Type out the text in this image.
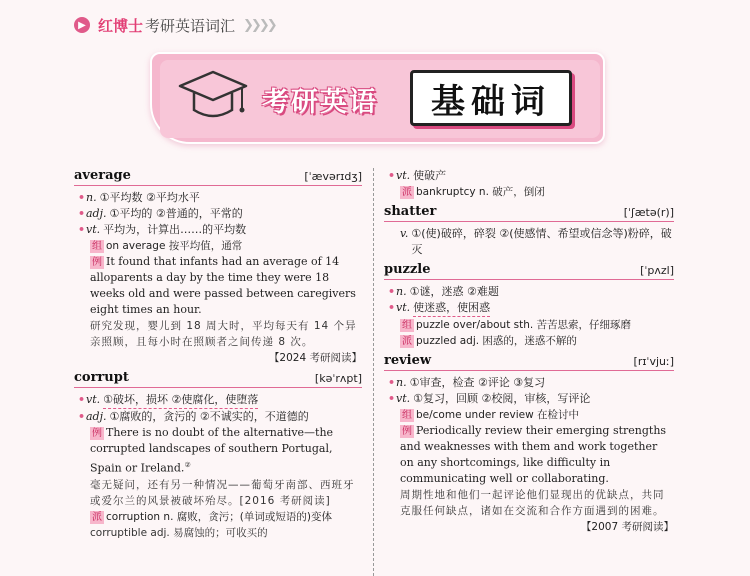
▶ 红博士 考研英语词汇 ❯❯❯❯
考研英语	基础词
average	[ˈævərɪdʒ]
• n. ①平均数 ②平均水平
• adj. ①平均的 ②普通的，平常的
• vt. 平均为，计算出……的平均数
组 on average 按平均值，通常
例 It found that infants had an average of 14 alloparents a day by the time they were 18 weeks old and were passed between caregivers eight times an hour.
研究发现，婴儿到 18 周大时，平均每天有 14 个异亲照顾，且每小时在照顾者之间传递 8 次。
【2024 考研阅读】
corrupt	[kəˈrʌpt]
• vt. ①破坏，损坏 ②使腐化，使堕落
• adj. ①腐败的，贪污的 ②不诚实的，不道德的
例 There is no doubt of the alternative—the corrupted landscapes of southern Portugal, Spain or Ireland.②
毫无疑问，还有另一种情况——葡萄牙南部、西班牙或爱尔兰的风景被破坏殆尽。[2016 考研阅读]
派 corruption n. 腐败，贪污；(单词或短语的)变体
corruptible adj. 易腐蚀的；可收买的
• vt. 使破产
派 bankruptcy n. 破产，倒闭
shatter	[ˈʃætə(r)]
v. ①(使)破碎，碎裂 ②(使感情、希望或信念等)粉碎，破灭
puzzle	[ˈpʌzl]
• n. ①谜，迷惑 ②难题
• vt. 使迷惑，使困惑
组 puzzle over/about sth. 苦苦思索，仔细琢磨
派 puzzled adj. 困惑的，迷惑不解的
review	[rɪˈvjuː]
• n. ①审查，检查 ②评论 ③复习
• vt. ①复习，回顾 ②校阅，审核，写评论
组 be/come under review 在检讨中
例 Periodically review their emerging strengths and weaknesses with them and work together on any shortcomings, like difficulty in communicating well or collaborating.
周期性地和他们一起评论他们显现出的优缺点，共同克服任何缺点，诸如在交流和合作方面遇到的困难。
【2007 考研阅读】
